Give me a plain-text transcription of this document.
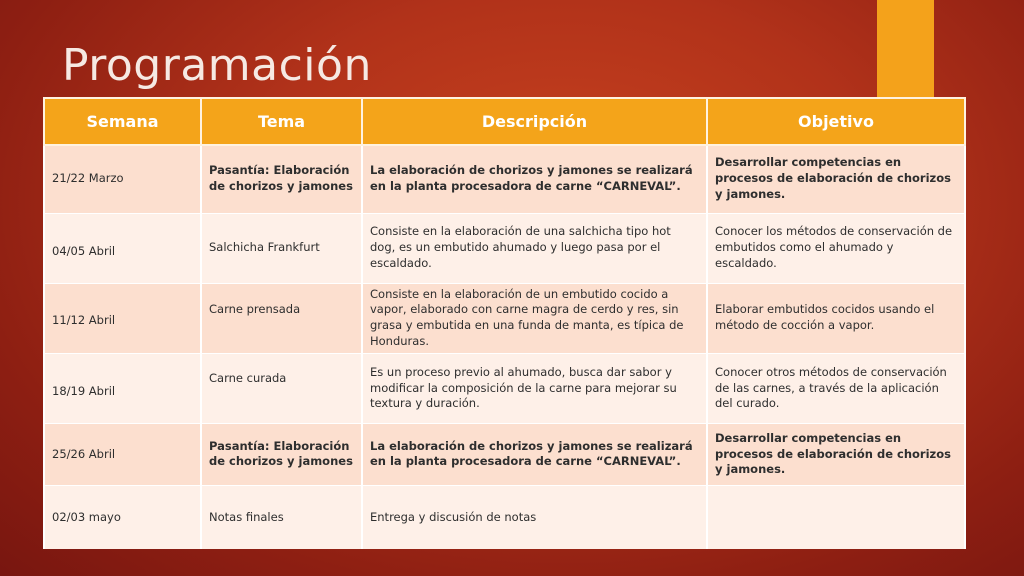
Programación
Semana	Tema	Descripción	Objetivo
21/22 Marzo	Pasantía: Elaboración de chorizos y jamones	La elaboración de chorizos y jamones se realizará en la planta procesadora de carne “CARNEVAL”.	Desarrollar competencias en procesos de elaboración de chorizos y jamones.
04/05 Abril	Salchicha Frankfurt	Consiste en la elaboración de una salchicha tipo hot dog, es un embutido ahumado y luego pasa por el escaldado.	Conocer los métodos de conservación de embutidos como el ahumado y escaldado.
11/12 Abril	Carne prensada	Consiste en la elaboración de un embutido cocido a vapor, elaborado con carne magra de cerdo y res, sin grasa y embutida en una funda de manta, es típica de Honduras.	Elaborar embutidos cocidos usando el método de cocción a vapor.
18/19 Abril	Carne curada	Es un proceso previo al ahumado, busca dar sabor y modificar la composición de la carne para mejorar su textura y duración.	Conocer otros métodos de conservación de las carnes, a través de la aplicación del curado.
25/26 Abril	Pasantía: Elaboración de chorizos y jamones	La elaboración de chorizos y jamones se realizará en la planta procesadora de carne “CARNEVAL”.	Desarrollar competencias en procesos de elaboración de chorizos y jamones.
02/03 mayo	Notas finales	Entrega y discusión de notas	
